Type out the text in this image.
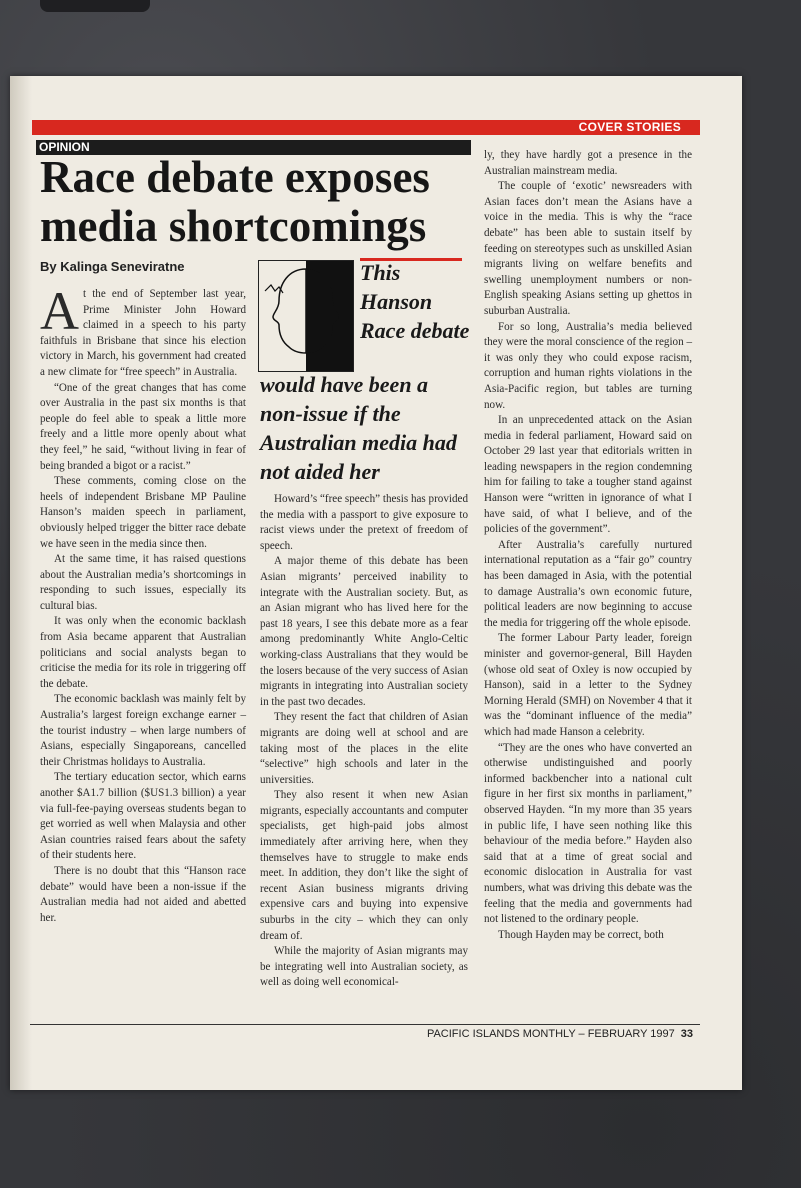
COVER STORIES
OPINION
Race debate exposes media shortcomings
By Kalinga Seneviratne

At the end of September last year, Prime Minister John Howard claimed in a speech to his party faithfuls in Brisbane that since his election victory in March, his government had created a new climate for “free speech” in Australia.

“One of the great changes that has come over Australia in the past six months is that people do feel able to speak a little more freely and a little more openly about what they feel,” he said, “without living in fear of being branded a bigot or a racist.”

These comments, coming close on the heels of independent Brisbane MP Pauline Hanson’s maiden speech in parliament, obviously helped trigger the bitter race debate we have seen in the media since then.

At the same time, it has raised questions about the Australian media’s shortcomings in responding to such issues, especially its cultural bias.

It was only when the economic backlash from Asia became apparent that Australian politicians and social analysts began to criticise the media for its role in triggering off the debate.

The economic backlash was mainly felt by Australia’s largest foreign exchange earner – the tourist industry – when large numbers of Asians, especially Singaporeans, cancelled their Christmas holidays to Australia.

The tertiary education sector, which earns another $A1.7 billion ($US1.3 billion) a year via full-fee-paying overseas students began to get worried as well when Malaysia and other Asian countries raised fears about the safety of their students here.

There is no doubt that this “Hanson race debate” would have been a non-issue if the Australian media had not aided and abetted her.

This Hanson Race debate
would have been a non-issue if the Australian media had not aided her

Howard’s “free speech” thesis has provided the media with a passport to give exposure to racist views under the pretext of freedom of speech.

A major theme of this debate has been Asian migrants’ perceived inability to integrate with the Australian society. But, as an Asian migrant who has lived here for the past 18 years, I see this debate more as a fear among predominantly White Anglo-Celtic working-class Australians that they would be the losers because of the very success of Asian migrants in integrating into Australian society in the past two decades.

They resent the fact that children of Asian migrants are doing well at school and are taking most of the places in the elite “selective” high schools and later in the universities.

They also resent it when new Asian migrants, especially accountants and computer specialists, get high-paid jobs almost immediately after arriving here, when they themselves have to struggle to make ends meet. In addition, they don’t like the sight of recent Asian business migrants driving expensive cars and buying into expensive suburbs in the city – which they can only dream of.

While the majority of Asian migrants may be integrating well into Australian society, as well as doing well economical-

ly, they have hardly got a presence in the Australian mainstream media.

The couple of ‘exotic’ newsreaders with Asian faces don’t mean the Asians have a voice in the media. This is why the “race debate” has been able to sustain itself by feeding on stereotypes such as unskilled Asian migrants living on welfare benefits and swelling unemployment numbers or non-English speaking Asians setting up ghettos in suburban Australia.

For so long, Australia’s media believed they were the moral conscience of the region – it was only they who could expose racism, corruption and human rights violations in the Asia-Pacific region, but tables are turning now.

In an unprecedented attack on the Asian media in federal parliament, Howard said on October 29 last year that editorials written in leading newspapers in the region condemning him for failing to take a tougher stand against Hanson were “written in ignorance of what I have said, of what I believe, and of the policies of the government”.

After Australia’s carefully nurtured international reputation as a “fair go” country has been damaged in Asia, with the potential to damage Australia’s own economic future, political leaders are now beginning to accuse the media for triggering off the whole episode.

The former Labour Party leader, foreign minister and governor-general, Bill Hayden (whose old seat of Oxley is now occupied by Hanson), said in a letter to the Sydney Morning Herald (SMH) on November 4 that it was the “dominant influence of the media” which had made Hanson a celebrity.

“They are the ones who have converted an otherwise undistinguished and poorly informed backbencher into a national cult figure in her first six months in parliament,” observed Hayden. “In my more than 35 years in public life, I have seen nothing like this behaviour of the media before.” Hayden also said that at a time of great social and economic dislocation in Australia for vast numbers, what was driving this debate was the feeling that the media and governments had not listened to the ordinary people.

Though Hayden may be correct, both

PACIFIC ISLANDS MONTHLY – FEBRUARY 1997 33
